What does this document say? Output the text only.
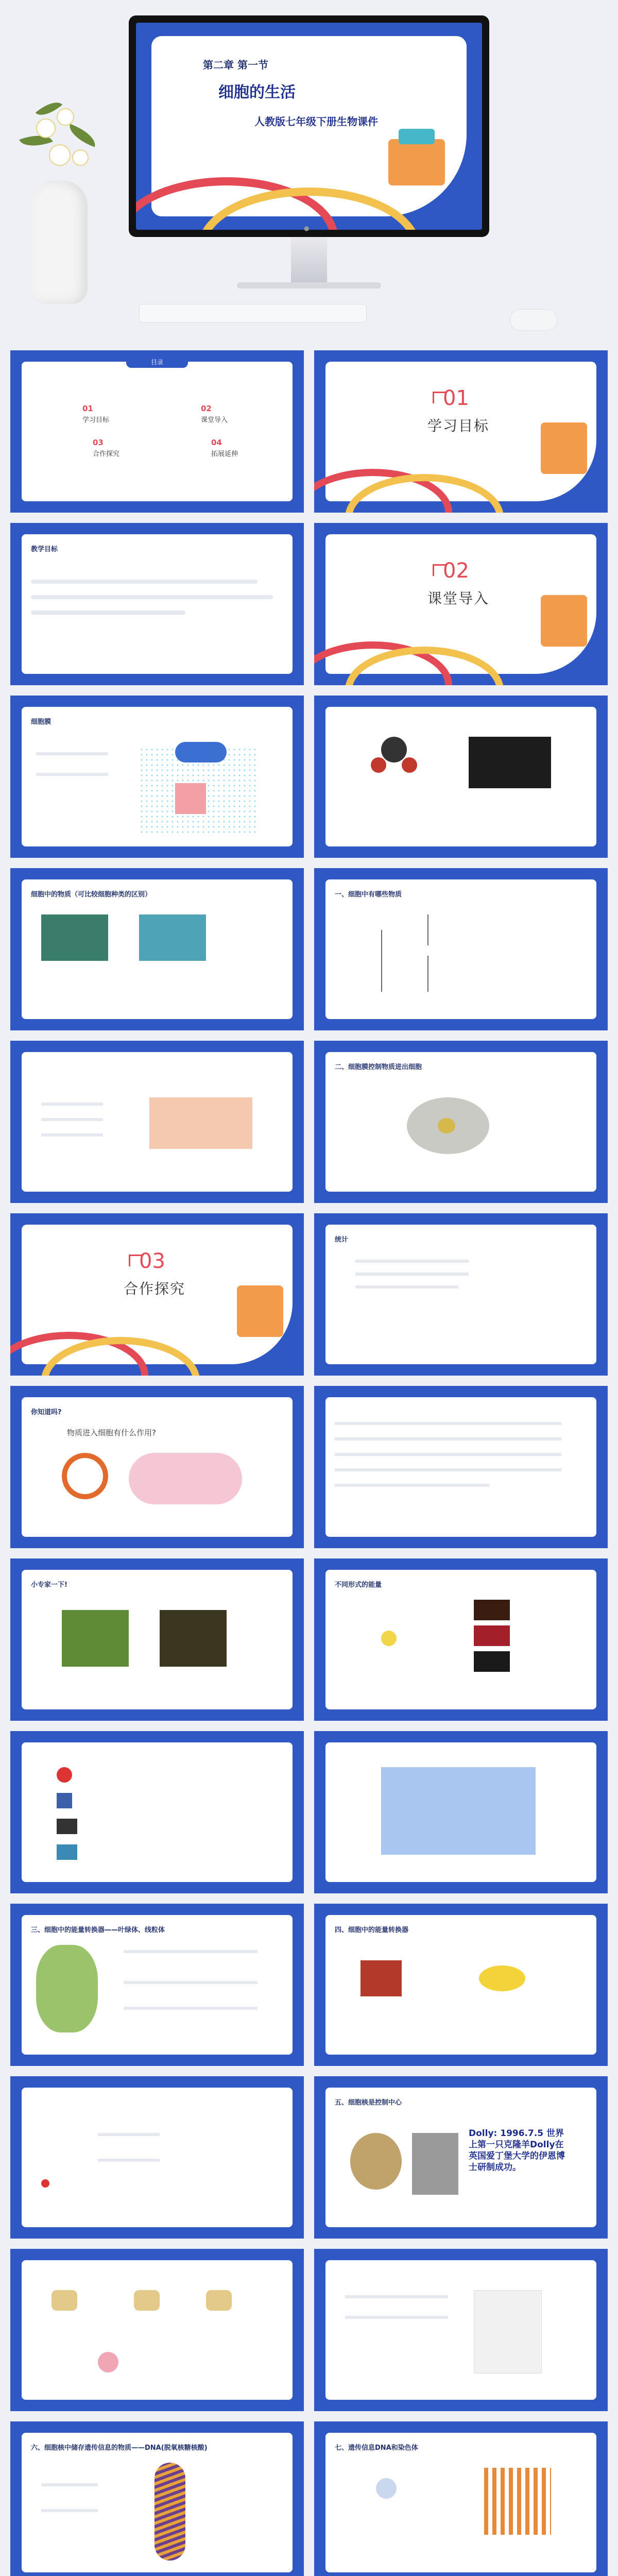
第二章 第一节
细胞的生活
人教版七年级下册生物课件
●
目录
01
学习目标
02
课堂导入
03
合作探究
04
拓展延伸
01
学习目标
教学目标
02
课堂导入
细胞膜
细胞中的物质（可比较细胞种类的区别）	一、细胞中有哪些物质
二、细胞膜控制物质进出细胞
03
合作探究
统计
你知道吗?
物质进入细胞有什么作用?
小专家一下!	不同形式的能量
三、细胞中的能量转换器——叶绿体、线粒体	四、细胞中的能量转换器
五、细胞核是控制中心
Dolly: 1996.7.5 世界上第一只克隆羊Dolly在英国爱丁堡大学的伊恩博士研制成功。
六、细胞核中储存遗传信息的物质——DNA(脱氧核糖核酸)	七、遗传信息DNA和染色体
